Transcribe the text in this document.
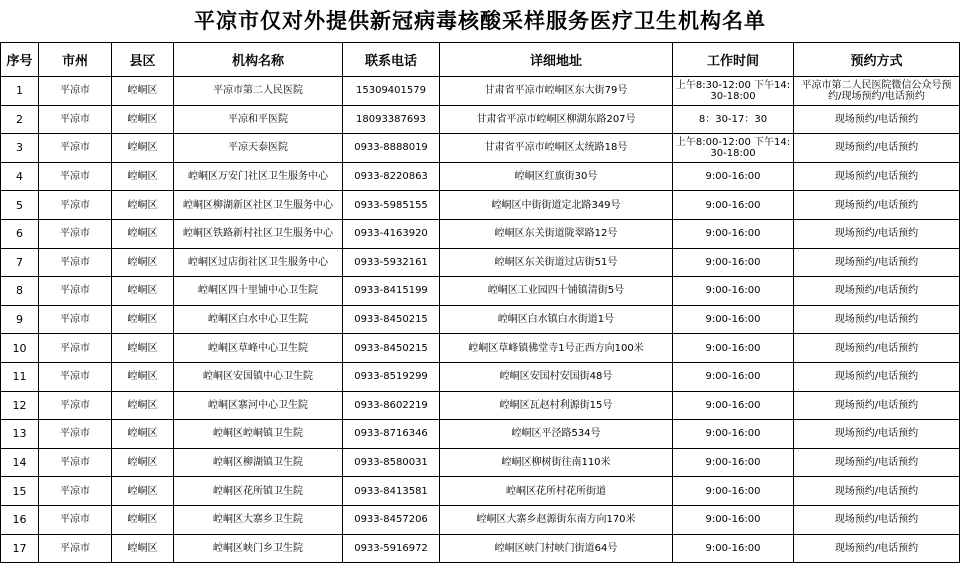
平凉市仅对外提供新冠病毒核酸采样服务医疗卫生机构名单
序号	市州	县区	机构名称	联系电话	详细地址	工作时间	预约方式
1	平凉市	崆峒区	平凉市第二人民医院	15309401579	甘肃省平凉市崆峒区东大街79号	上午8:30-12:00 下午14:30-18:00	平凉市第二人民医院微信公众号预约/现场预约/电话预约
2	平凉市	崆峒区	平凉和平医院	18093387693	甘肃省平凉市崆峒区柳湖东路207号	8：30-17：30	现场预约/电话预约
3	平凉市	崆峒区	平凉天泰医院	0933-8888019	甘肃省平凉市崆峒区太统路18号	上午8:00-12:00 下午14:30-18:00	现场预约/电话预约
4	平凉市	崆峒区	崆峒区万安门社区卫生服务中心	0933-8220863	崆峒区红旗街30号	9:00-16:00	现场预约/电话预约
5	平凉市	崆峒区	崆峒区柳湖新区社区卫生服务中心	0933-5985155	崆峒区中街街道定北路349号	9:00-16:00	现场预约/电话预约
6	平凉市	崆峒区	崆峒区铁路新村社区卫生服务中心	0933-4163920	崆峒区东关街道陇翠路12号	9:00-16:00	现场预约/电话预约
7	平凉市	崆峒区	崆峒区过店街社区卫生服务中心	0933-5932161	崆峒区东关街道过店街51号	9:00-16:00	现场预约/电话预约
8	平凉市	崆峒区	崆峒区四十里铺中心卫生院	0933-8415199	崆峒区工业园四十铺镇清街5号	9:00-16:00	现场预约/电话预约
9	平凉市	崆峒区	崆峒区白水中心卫生院	0933-8450215	崆峒区白水镇白水街道1号	9:00-16:00	现场预约/电话预约
10	平凉市	崆峒区	崆峒区草峰中心卫生院	0933-8450215	崆峒区草峰镇佛堂寺1号正西方向100米	9:00-16:00	现场预约/电话预约
11	平凉市	崆峒区	崆峒区安国镇中心卫生院	0933-8519299	崆峒区安国村安国街48号	9:00-16:00	现场预约/电话预约
12	平凉市	崆峒区	崆峒区寨河中心卫生院	0933-8602219	崆峒区瓦赵村利源街15号	9:00-16:00	现场预约/电话预约
13	平凉市	崆峒区	崆峒区崆峒镇卫生院	0933-8716346	崆峒区平泾路534号	9:00-16:00	现场预约/电话预约
14	平凉市	崆峒区	崆峒区柳湖镇卫生院	0933-8580031	崆峒区柳树街往南110米	9:00-16:00	现场预约/电话预约
15	平凉市	崆峒区	崆峒区花所镇卫生院	0933-8413581	崆峒区花所村花所街道	9:00-16:00	现场预约/电话预约
16	平凉市	崆峒区	崆峒区大寨乡卫生院	0933-8457206	崆峒区大寨乡赵源街东南方向170米	9:00-16:00	现场预约/电话预约
17	平凉市	崆峒区	崆峒区峡门乡卫生院	0933-5916972	崆峒区峡门村峡门街道64号	9:00-16:00	现场预约/电话预约
